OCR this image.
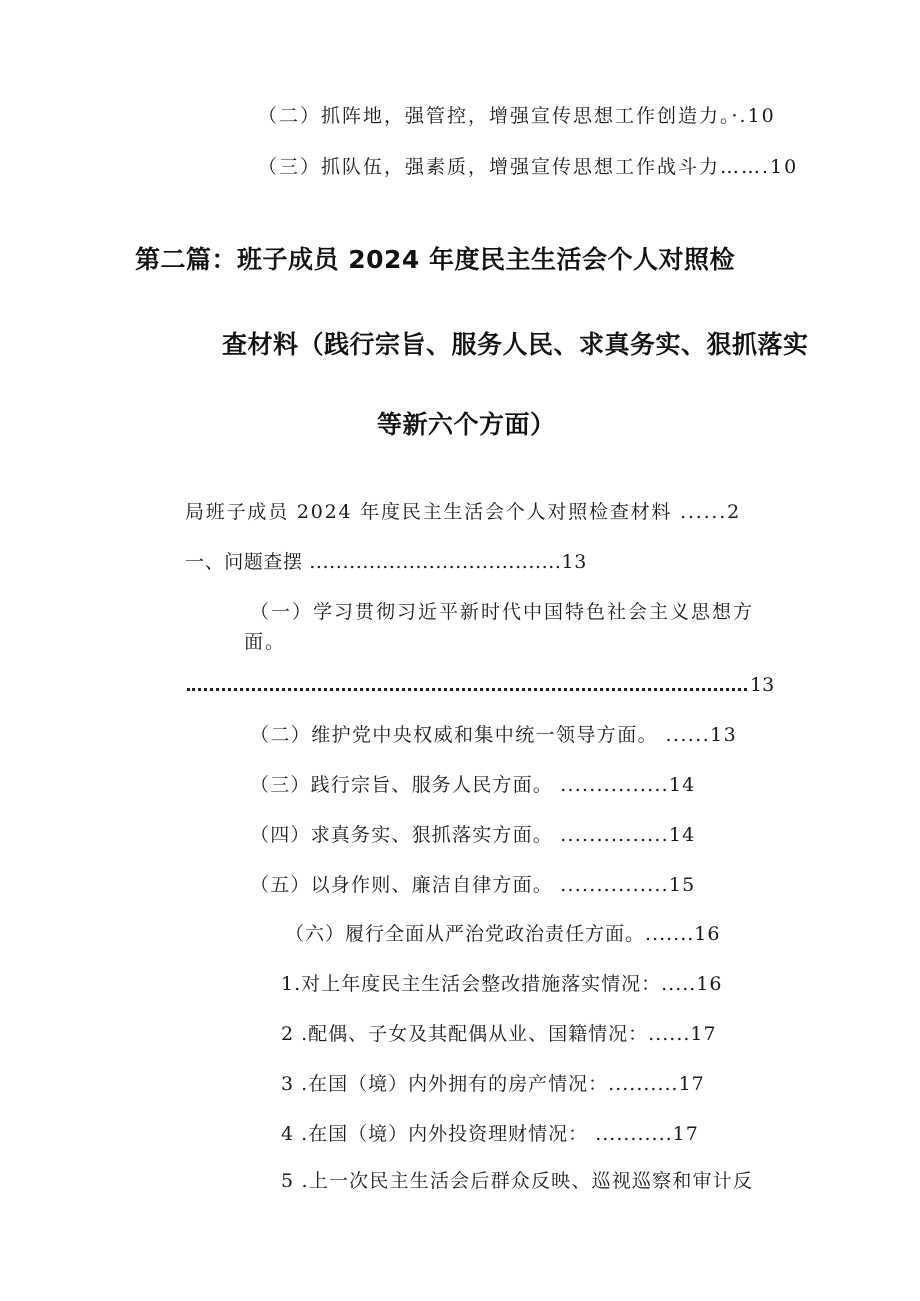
（二）抓阵地，强管控，增强宣传思想工作创造力。·.10
（三）抓队伍，强素质，增强宣传思想工作战斗力…….10
第二篇：班子成员 2024 年度民主生活会个人对照检
查材料（践行宗旨、服务人民、求真务实、狠抓落实
等新六个方面）
局班子成员 2024 年度民主生活会个人对照检查材料 ......2
一、问题查摆 ......................................13
（一）学习贯彻习近平新时代中国特色社会主义思想方
面。
13
（二）维护党中央权威和集中统一领导方面。 ......13
（三）践行宗旨、服务人民方面。 ...............14
（四）求真务实、狠抓落实方面。 ...............14
（五）以身作则、廉洁自律方面。 ...............15
（六）履行全面从严治党政治责任方面。.......16
1.对上年度民主生活会整改措施落实情况：.....16
2 .配偶、子女及其配偶从业、国籍情况：......17
3 .在国（境）内外拥有的房产情况：..........17
4 .在国（境）内外投资理财情况： ...........17
5 .上一次民主生活会后群众反映、巡视巡察和审计反
